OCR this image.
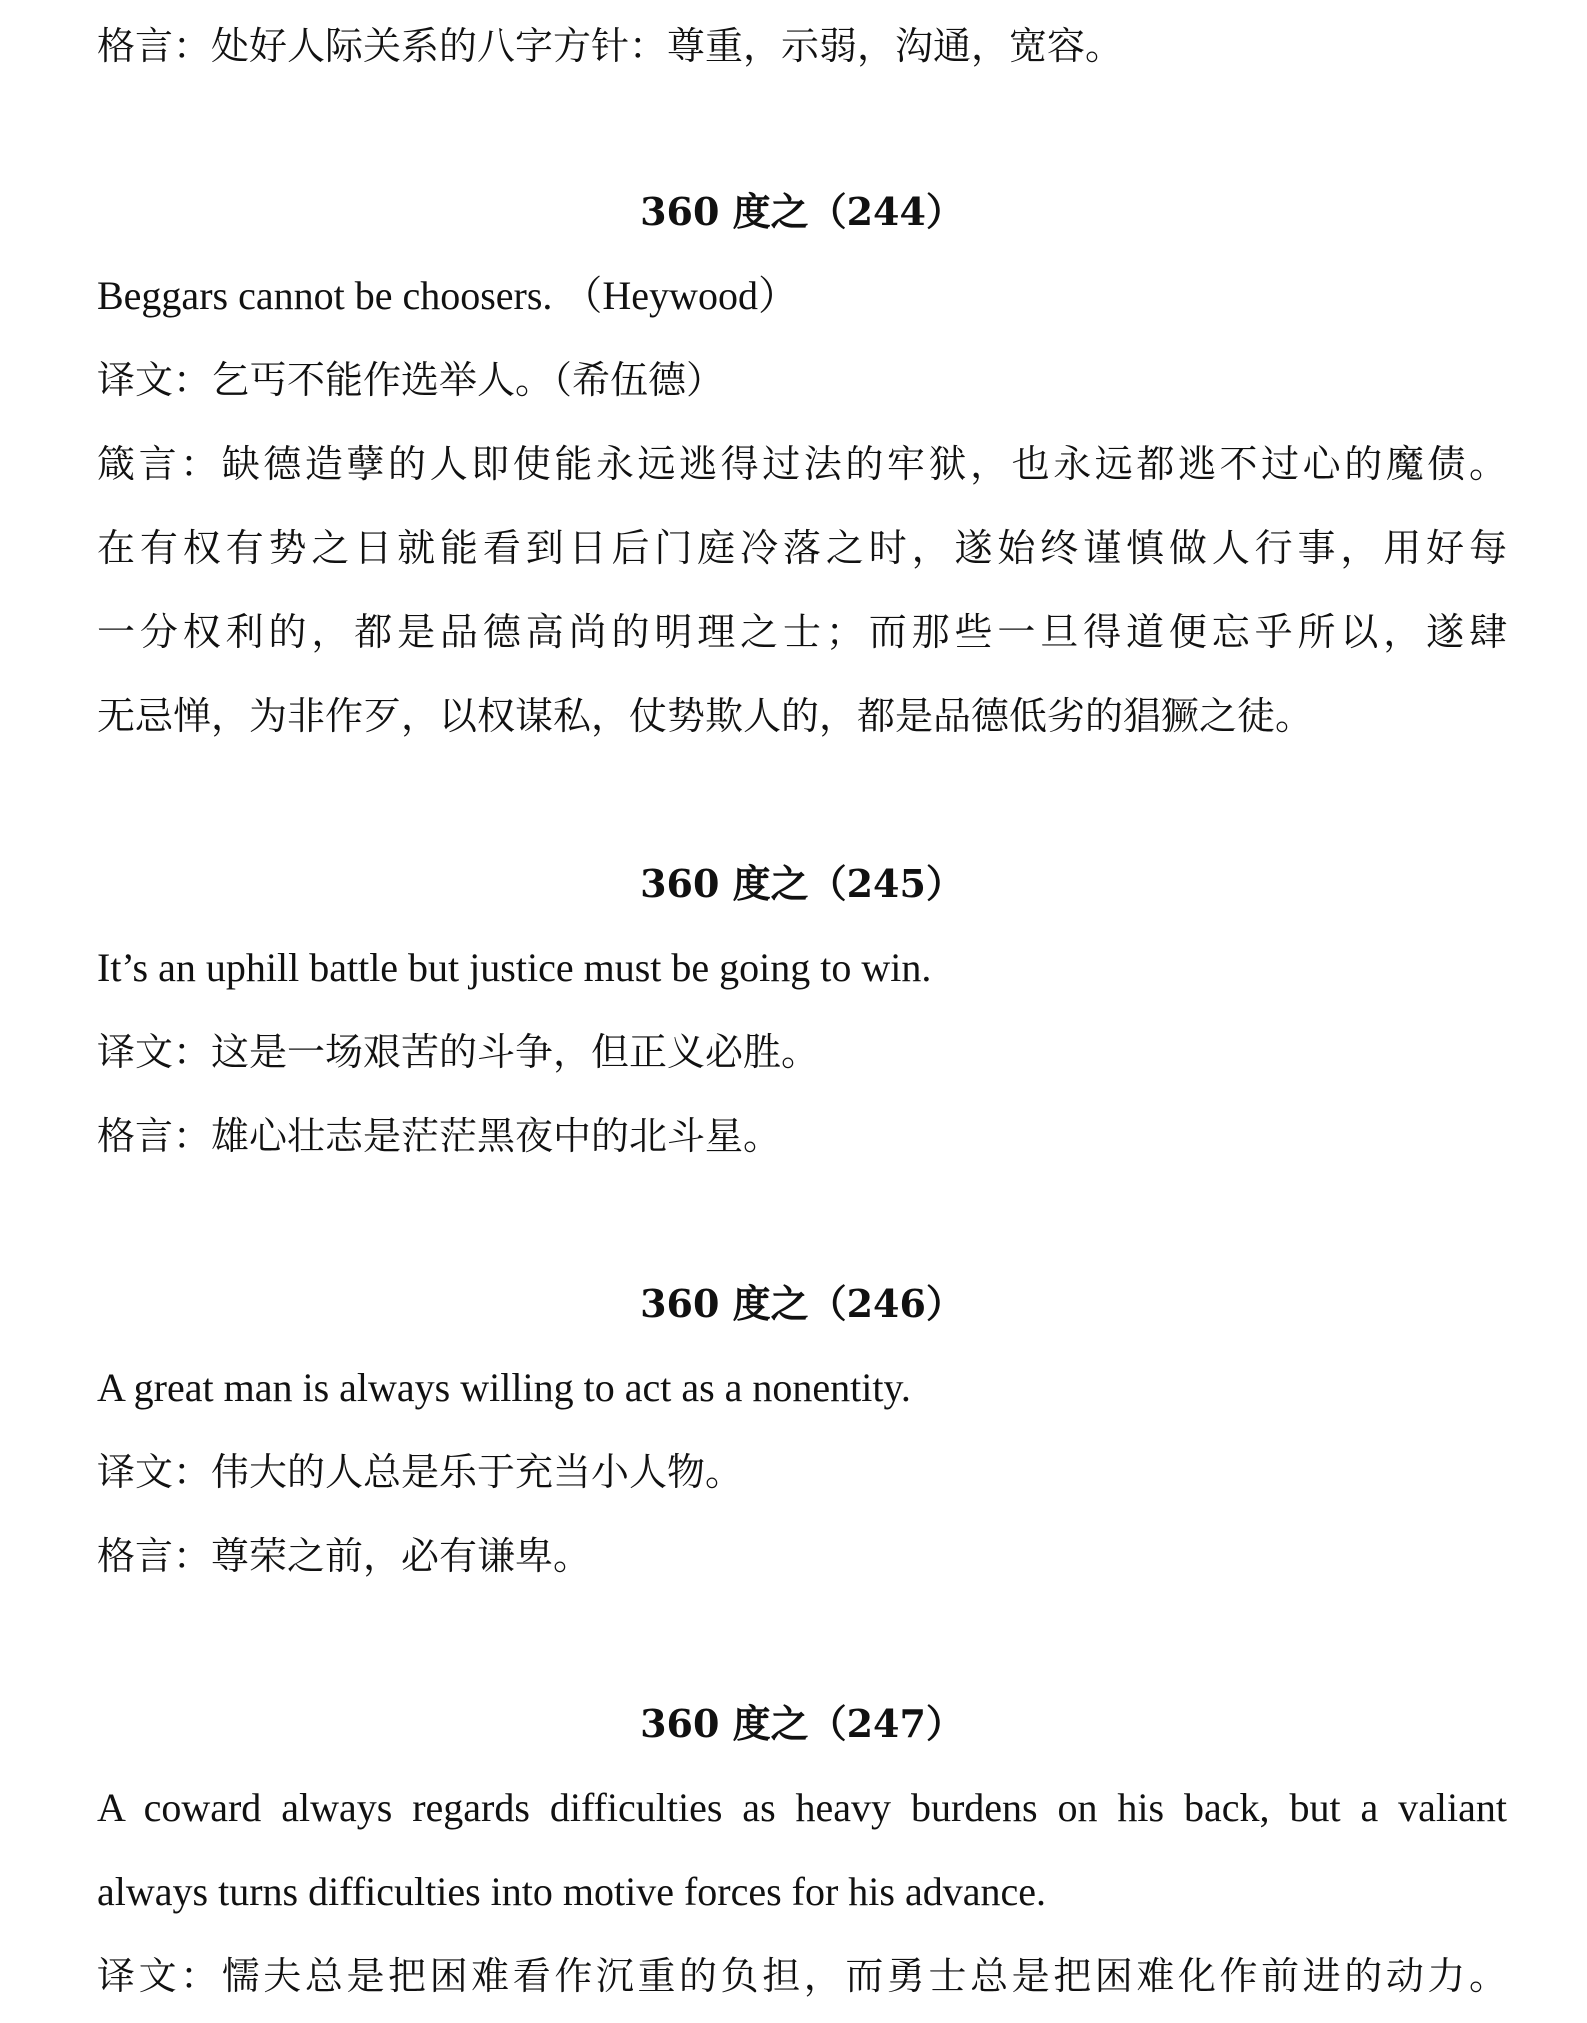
格言：处好人际关系的八字方针：尊重，示弱，沟通，宽容。

360 度之（244）

Beggars cannot be choosers. （Heywood）

译文：乞丐不能作选举人。（希伍德）

箴言：缺德造孽的人即使能永远逃得过法的牢狱，也永远都逃不过心的魔债。

在有权有势之日就能看到日后门庭冷落之时，遂始终谨慎做人行事，用好每

一分权利的，都是品德高尚的明理之士；而那些一旦得道便忘乎所以，遂肆

无忌惮，为非作歹，以权谋私，仗势欺人的，都是品德低劣的猖獗之徒。

360 度之（245）

It’s an uphill battle but justice must be going to win.

译文：这是一场艰苦的斗争，但正义必胜。

格言：雄心壮志是茫茫黑夜中的北斗星。

360 度之（246）

A great man is always willing to act as a nonentity.

译文：伟大的人总是乐于充当小人物。

格言：尊荣之前，必有谦卑。

360 度之（247）

A coward always regards difficulties as heavy burdens on his back, but a valiant

always turns difficulties into motive forces for his advance.

译文：懦夫总是把困难看作沉重的负担，而勇士总是把困难化作前进的动力。
